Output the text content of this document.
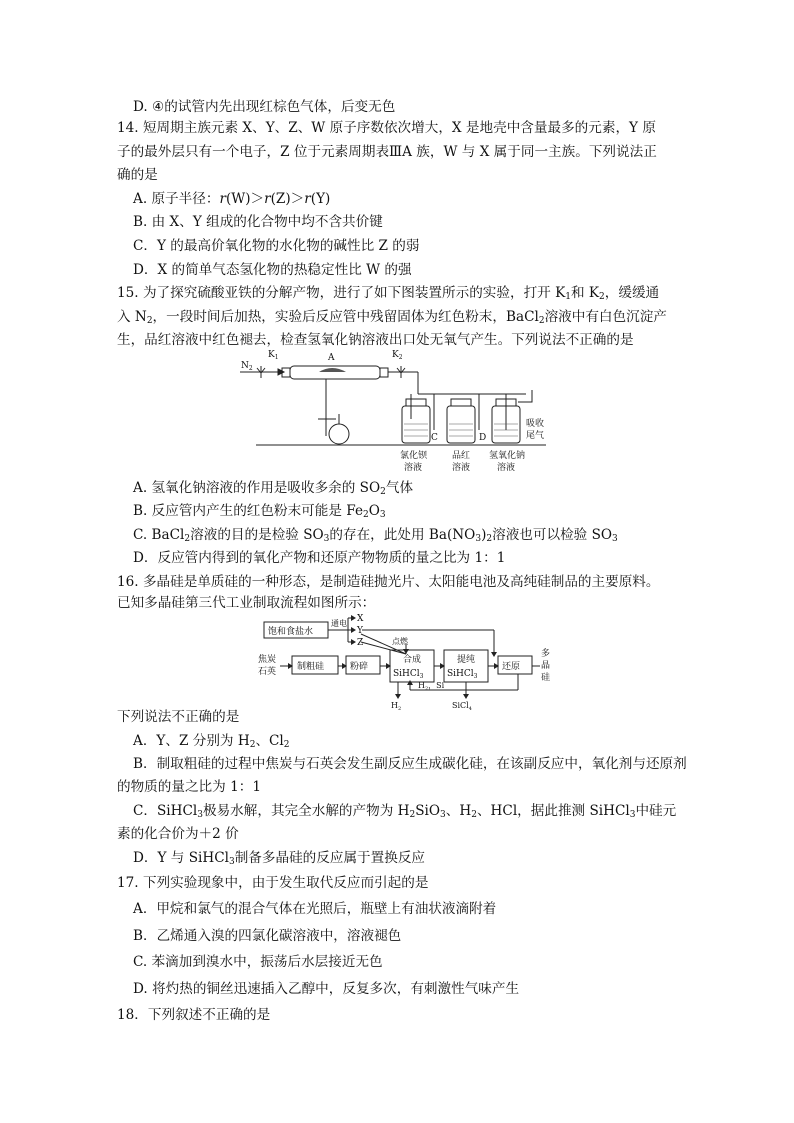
D. ④的试管内先出现红棕色气体，后变无色
14. 短周期主族元素 X、Y、Z、W 原子序数依次增大，X 是地壳中含量最多的元素，Y 原
子的最外层只有一个电子，Z 位于元素周期表ⅢA 族，W 与 X 属于同一主族。下列说法正
确的是
A. 原子半径：r(W)＞r(Z)＞r(Y)
B. 由 X、Y 组成的化合物中均不含共价键
C．Y 的最高价氧化物的水化物的碱性比 Z 的弱
D．X 的简单气态氢化物的热稳定性比 W 的强
15. 为了探究硫酸亚铁的分解产物，进行了如下图装置所示的实验，打开 $K_1$和 $K_2$，缓缓通
入 $N_2$，一段时间后加热，实验后反应管中残留固体为红色粉末，BaCl$_2$溶液中有白色沉淀产
生，品红溶液中红色褪去，检查氢氧化钠溶液出口处无氧气产生。下列说法不正确的是
$N_2$
$K_1$	A	$K_2$
C	D
吸收
尾气
氯化钡
溶液
品红
溶液
氢氧化钠
溶液
A. 氢氧化钠溶液的作用是吸收多余的 $SO_2$气体
B. 反应管内产生的红色粉末可能是 $Fe_2O_3$
C. BaCl$_2$溶液的目的是检验 $SO_3$的存在，此处用 $Ba(NO_3)_2$溶液也可以检验 $SO_3$
D．反应管内得到的氧化产物和还原产物物质的量之比为 1：1
16. 多晶硅是单质硅的一种形态，是制造硅抛光片、太阳能电池及高纯硅制品的主要原料。
已知多晶硅第三代工业制取流程如图所示：
饱和食盐水
通电 X
Y
Z	点燃
焦炭
石英 制粗硅	粉碎
合成
SiHCl$_3$
提纯
SiHCl$_3$
还原
多
晶
硅
$H_2$
$H_2$，Si
SiCl$_4$
下列说法不正确的是
A．Y、Z 分别为 $H_2$、$Cl_2$
B．制取粗硅的过程中焦炭与石英会发生副反应生成碳化硅，在该副反应中，氧化剂与还原剂
的物质的量之比为 1：1
C．SiHCl$_3$极易水解，其完全水解的产物为 $H_2SiO_3$、$H_2$、HCl，据此推测 SiHCl$_3$中硅元
素的化合价为＋2 价
D．Y 与 SiHCl$_3$制备多晶硅的反应属于置换反应
17. 下列实验现象中，由于发生取代反应而引起的是
A．甲烷和氯气的混合气体在光照后，瓶壁上有油状液滴附着
B．乙烯通入溴的四氯化碳溶液中，溶液褪色
C. 苯滴加到溴水中，振荡后水层接近无色
D. 将灼热的铜丝迅速插入乙醇中，反复多次，有刺激性气味产生
18．下列叙述不正确的是
